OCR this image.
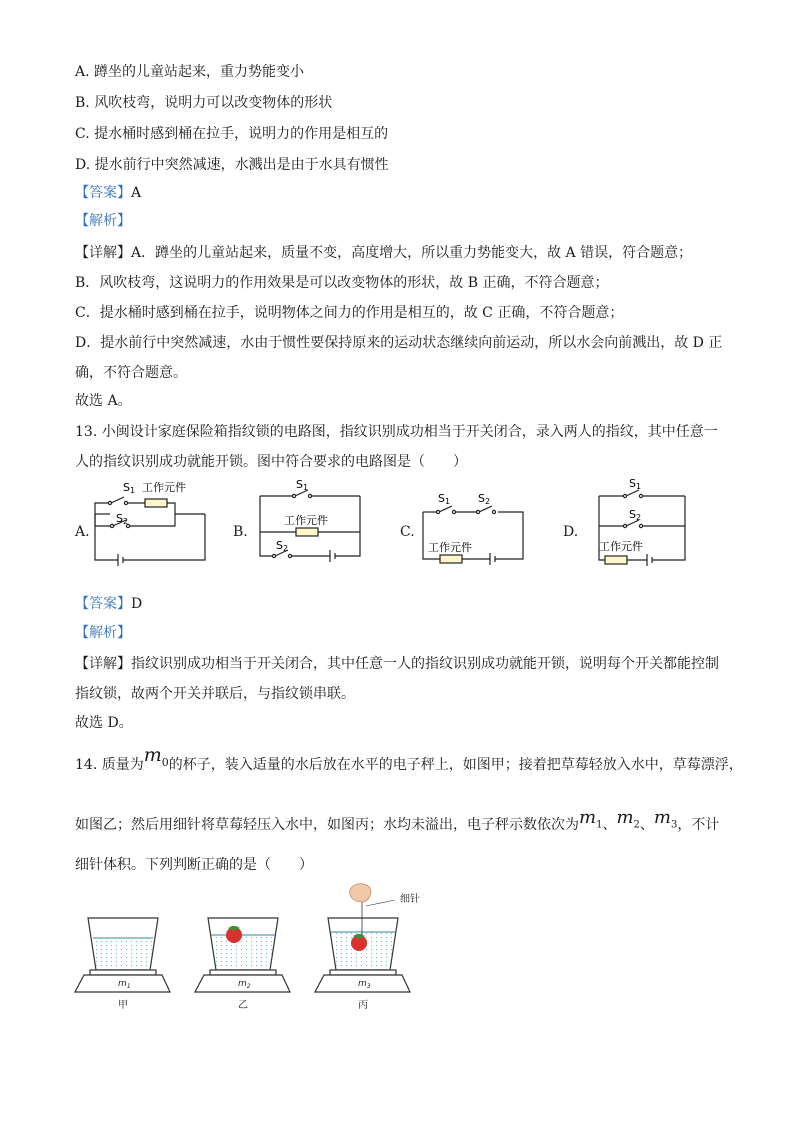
A. 蹲坐的儿童站起来，重力势能变小
B. 风吹枝弯，说明力可以改变物体的形状
C. 提水桶时感到桶在拉手，说明力的作用是相互的
D. 提水前行中突然减速，水溅出是由于水具有惯性
【答案】A
【解析】
【详解】A．蹲坐的儿童站起来，质量不变，高度增大，所以重力势能变大，故 A 错误，符合题意；
B．风吹枝弯，这说明力的作用效果是可以改变物体的形状，故 B 正确，不符合题意；
C．提水桶时感到桶在拉手，说明物体之间力的作用是相互的，故 C 正确，不符合题意；
D．提水前行中突然减速，水由于惯性要保持原来的运动状态继续向前运动，所以水会向前溅出，故 D 正
确，不符合题意。
故选 A。
13. 小闽设计家庭保险箱指纹锁的电路图，指纹识别成功相当于开关闭合，录入两人的指纹，其中任意一
人的指纹识别成功就能开锁。图中符合要求的电路图是（　　）
A.
S1 工作元件
S2
B.
S1
工作元件
S2
C.
S1	S2
工作元件
D.
S1
S2
工作元件
【答案】D
【解析】
【详解】指纹识别成功相当于开关闭合，其中任意一人的指纹识别成功就能开锁，说明每个开关都能控制
指纹锁，故两个开关并联后，与指纹锁串联。
故选 D。
14. 质量为$m_0$的杯子，装入适量的水后放在水平的电子秤上，如图甲；接着把草莓轻放入水中，草莓漂浮，
如图乙；然后用细针将草莓轻压入水中，如图丙；水均未溢出，电子秤示数依次为$m_1$、$m_2$、$m_3$，不计
细针体积。下列判断正确的是（　　）
细针
$m_1$	$m_2$	$m_3$
甲	乙	丙
